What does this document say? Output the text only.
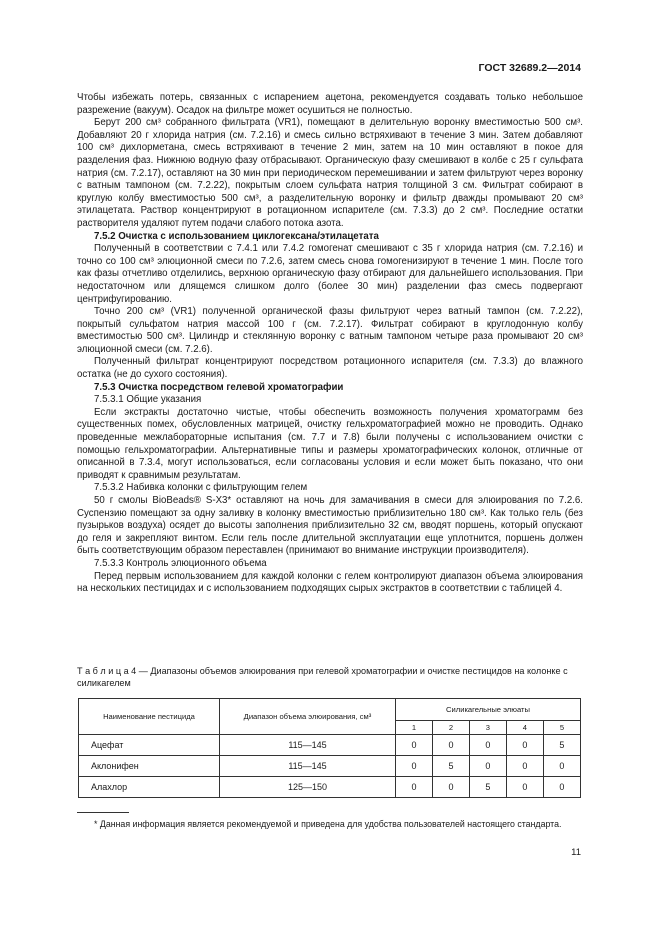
ГОСТ 32689.2—2014

Чтобы избежать потерь, связанных с испарением ацетона, рекомендуется создавать только небольшое разрежение (вакуум). Осадок на фильтре может осушиться не полностью.

Берут 200 см³ собранного фильтрата (VR1), помещают в делительную воронку вместимостью 500 см³. Добавляют 20 г хлорида натрия (см. 7.2.16) и смесь сильно встряхивают в течение 3 мин. Затем добавляют 100 см³ дихлорметана, смесь встряхивают в течение 2 мин, затем на 10 мин оставляют в покое для разделения фаз. Нижнюю водную фазу отбрасывают. Органическую фазу смешивают в колбе с 25 г сульфата натрия (см. 7.2.17), оставляют на 30 мин при периодическом перемешивании и затем фильтруют через воронку с ватным тампоном (см. 7.2.22), покрытым слоем сульфата натрия толщиной 3 см. Фильтрат собирают в круглую колбу вместимостью 500 см³, а разделительную воронку и фильтр дважды промывают 20 см³ этилацетата. Раствор концентрируют в ротационном испарителе (см. 7.3.3) до 2 см³. Последние остатки растворителя удаляют путем подачи слабого потока азота.

7.5.2 Очистка с использованием циклогексана/этилацетата

Полученный в соответствии с 7.4.1 или 7.4.2 гомогенат смешивают с 35 г хлорида натрия (см. 7.2.16) и точно со 100 см³ элюционной смеси по 7.2.6, затем смесь снова гомогенизируют в течение 1 мин. После того как фазы отчетливо отделились, верхнюю органическую фазу отбирают для дальнейшего использования. При недостаточном или длящемся слишком долго (более 30 мин) разделении фаз смесь подвергают центрифугированию.

Точно 200 см³ (VR1) полученной органической фазы фильтруют через ватный тампон (см. 7.2.22), покрытый сульфатом натрия массой 100 г (см. 7.2.17). Фильтрат собирают в круглодонную колбу вместимостью 500 см³. Цилиндр и стеклянную воронку с ватным тампоном четыре раза промывают 20 см³ элюционной смеси (см. 7.2.6).

Полученный фильтрат концентрируют посредством ротационного испарителя (см. 7.3.3) до влажного остатка (не до сухого состояния).

7.5.3 Очистка посредством гелевой хроматографии

7.5.3.1 Общие указания

Если экстракты достаточно чистые, чтобы обеспечить возможность получения хроматограмм без существенных помех, обусловленных матрицей, очистку гельхроматографией можно не проводить. Однако проведенные межлабораторные испытания (см. 7.7 и 7.8) были получены с использованием очистки с помощью гельхроматографии. Альтернативные типы и размеры хроматографических колонок, отличные от описанной в 7.3.4, могут использоваться, если согласованы условия и если может быть показано, что они приводят к сравнимым результатам.

7.5.3.2 Набивка колонки с фильтрующим гелем

50 г смолы BioBeads® S-X3* оставляют на ночь для замачивания в смеси для элюирования по 7.2.6. Суспензию помещают за одну заливку в колонку вместимостью приблизительно 180 см³. Как только гель (без пузырьков воздуха) осядет до высоты заполнения приблизительно 32 см, вводят поршень, который опускают до геля и закрепляют винтом. Если гель после длительной эксплуатации еще уплотнится, поршень должен быть соответствующим образом переставлен (принимают во внимание инструкции производителя).

7.5.3.3 Контроль элюционного объема

Перед первым использованием для каждой колонки с гелем контролируют диапазон объема элюирования на нескольких пестицидах и с использованием подходящих сырых экстрактов в соответствии с таблицей 4.

Т а б л и ц а 4 — Диапазоны объемов элюирования при гелевой хроматографии и очистке пестицидов на колонке с силикагелем
Наименование пестицида	Диапазон объема элюирования, см³	Силикагельные элюаты				
		1	2	3	4	5
Ацефат	115—145	0	0	0	0	5
Аклонифен	115—145	0	5	0	0	0
Алахлор	125—150	0	0	5	0	0
* Данная информация является рекомендуемой и приведена для удобства пользователей настоящего стандарта.
11
